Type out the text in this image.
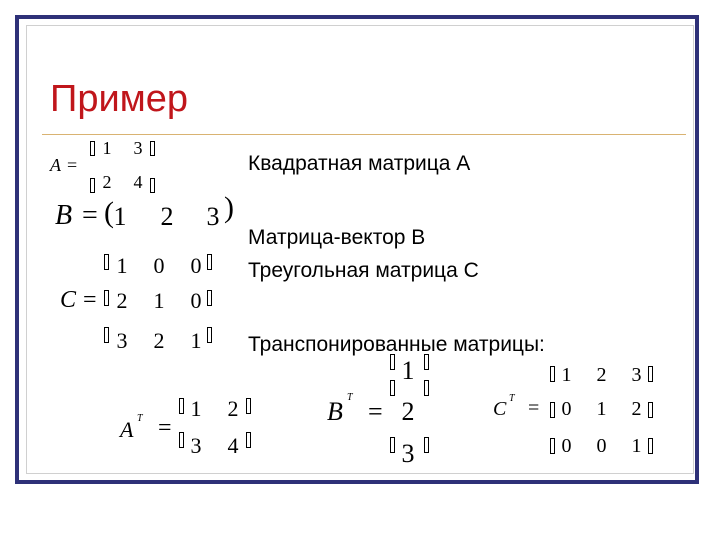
Пример
A =
1 3
2 4
B = ( 1 2 3 )
C =
1 0 0
2 1 0
3 2 1
Квадратная матрица А
Матрица-вектор В
Треугольная матрица С
Транспонированные матрицы:
A T =
1 2
3 4
B T =
1
2
3
C T =
1 2 3
0 1 2
0 0 1
